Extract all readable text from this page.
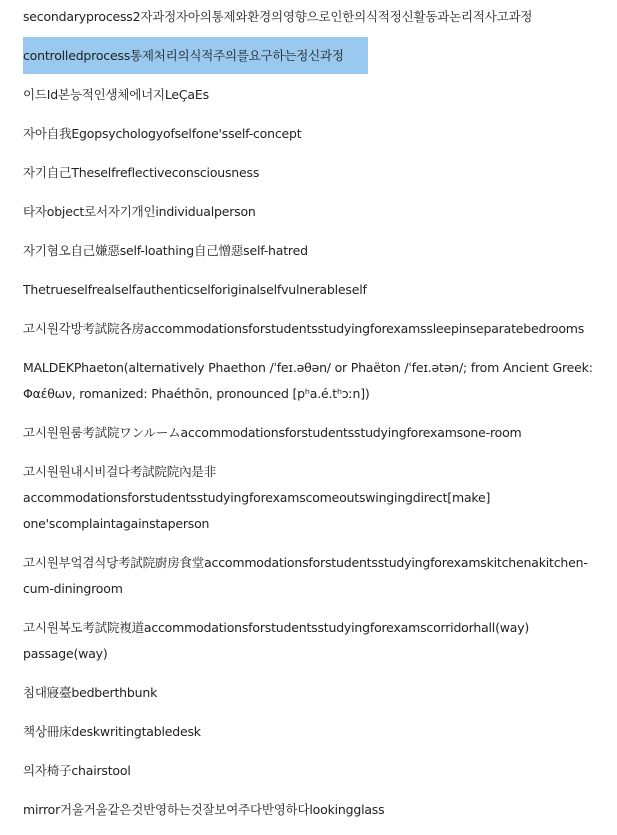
secondaryprocess2자과정자아의통제와환경의영향으로인한의식적정신활동과논리적사고과정
controlledprocess통제처리의식적주의를요구하는정신과정
이드Id본능적인생체에너지LeÇaEs
자아自我Egopsychologyofselfone'sself-concept
자기自己Theselfreflectiveconsciousness
타자object로서자기개인individualperson
자기혐오自己嫌惡self-loathing自己憎惡self-hatred
Thetrueselfrealselfauthenticselforiginalselfvulnerableself
고시원각방考試院各房accommodationsforstudentsstudyingforexamssleepinseparatebedrooms
MALDEKPhaeton(alternatively Phaethon /ˈfeɪ.əθən/ or Phaëton /ˈfeɪ.ətən/; from Ancient Greek:
Φαέθων, romanized: Phaéthōn, pronounced [pʰa.é.tʰɔːn])
고시원원룸考試院ワンルームaccommodationsforstudentsstudyingforexamsone-room
고시원원내시비걸다考試院院內是非
accommodationsforstudentsstudyingforexamscomeoutswingingdirect[make]
one'scomplaintagainstaperson
고시원부엌겸식당考試院廚房食堂accommodationsforstudentsstudyingforexamskitchenakitchen-
cum-diningroom
고시원복도考試院複道accommodationsforstudentsstudyingforexamscorridorhall(way)
passage(way)
침대寢臺bedberthbunk
책상冊床deskwritingtabledesk
의자椅子chairstool
mirror거울거울같은것반영하는것잘보여주다반영하다lookingglass
